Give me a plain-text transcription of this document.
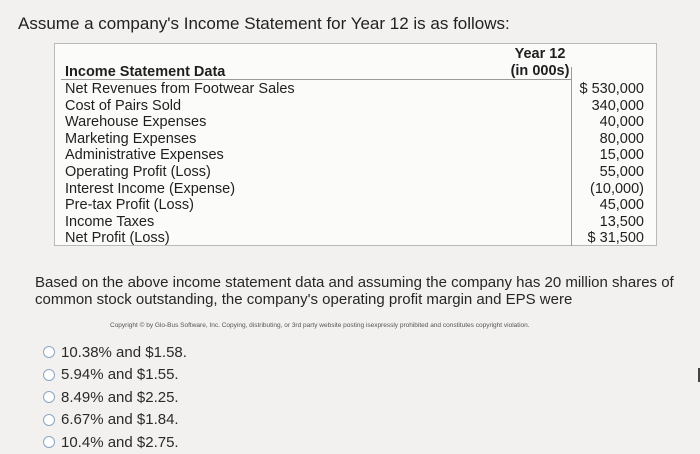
Assume a company's Income Statement for Year 12 is as follows:
Year 12
(in 000s)
Income Statement Data
Net Revenues from Footwear Sales
Cost of Pairs Sold
Warehouse Expenses
Marketing Expenses
Administrative Expenses
Operating Profit (Loss)
Interest Income (Expense)
Pre-tax Profit (Loss)
Income Taxes
Net Profit (Loss)
$ 530,000
340,000
40,000
80,000
15,000
55,000
(10,000)
45,000
13,500
$ 31,500
Based on the above income statement data and assuming the company has 20 million shares of common stock outstanding, the company's operating profit margin and EPS were
Copyright © by Glo-Bus Software, Inc. Copying, distributing, or 3rd party website posting isexpressly prohibited and constitutes copyright violation.
10.38% and $1.58.
5.94% and $1.55.
8.49% and $2.25.
6.67% and $1.84.
10.4% and $2.75.
